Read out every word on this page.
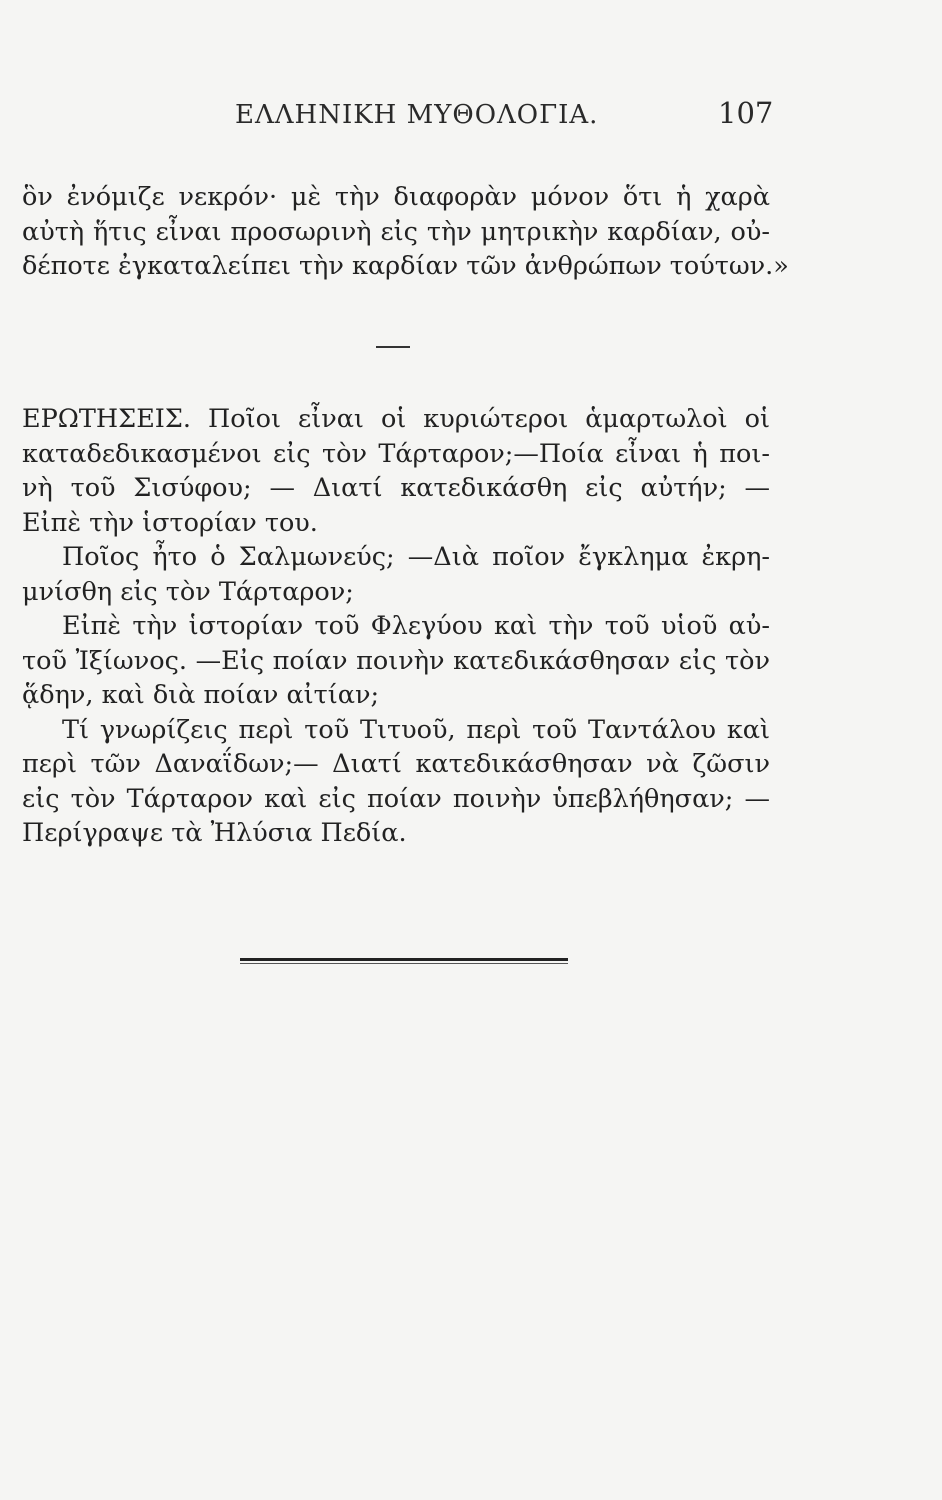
ΕΛΛΗΝΙΚΗ ΜΥΘΟΛΟΓΙΑ.	107
ὃν ἐνόμιζε νεκρόν· μὲ τὴν διαφορὰν μόνον ὅτι ἡ χαρὰ
αὐτὴ ἥτις εἶναι προσωρινὴ εἰς τὴν μητρικὴν καρδίαν, οὐ-
δέποτε ἐγκαταλείπει τὴν καρδίαν τῶν ἀνθρώπων τούτων.»
ΕΡΩΤΗΣΕΙΣ. Ποῖοι εἶναι οἱ κυριώτεροι ἁμαρτωλοὶ οἱ
καταδεδικασμένοι εἰς τὸν Τάρταρον;—Ποία εἶναι ἡ ποι-
νὴ τοῦ Σισύφου; — Διατί κατεδικάσθη εἰς αὐτήν; —
Εἰπὲ τὴν ἱστορίαν του.
Ποῖος ἦτο ὁ Σαλμωνεύς; —Διὰ ποῖον ἔγκλημα ἐκρη-
μνίσθη εἰς τὸν Τάρταρον;
Εἰπὲ τὴν ἱστορίαν τοῦ Φλεγύου καὶ τὴν τοῦ υἱοῦ αὐ-
τοῦ Ἰξίωνος. —Εἰς ποίαν ποινὴν κατεδικάσθησαν εἰς τὸν
ᾅδην, καὶ διὰ ποίαν αἰτίαν;
Τί γνωρίζεις περὶ τοῦ Τιτυοῦ, περὶ τοῦ Ταντάλου καὶ
περὶ τῶν Δαναΐδων;— Διατί κατεδικάσθησαν νὰ ζῶσιν
εἰς τὸν Τάρταρον καὶ εἰς ποίαν ποινὴν ὑπεβλήθησαν; —
Περίγραψε τὰ Ἠλύσια Πεδία.
